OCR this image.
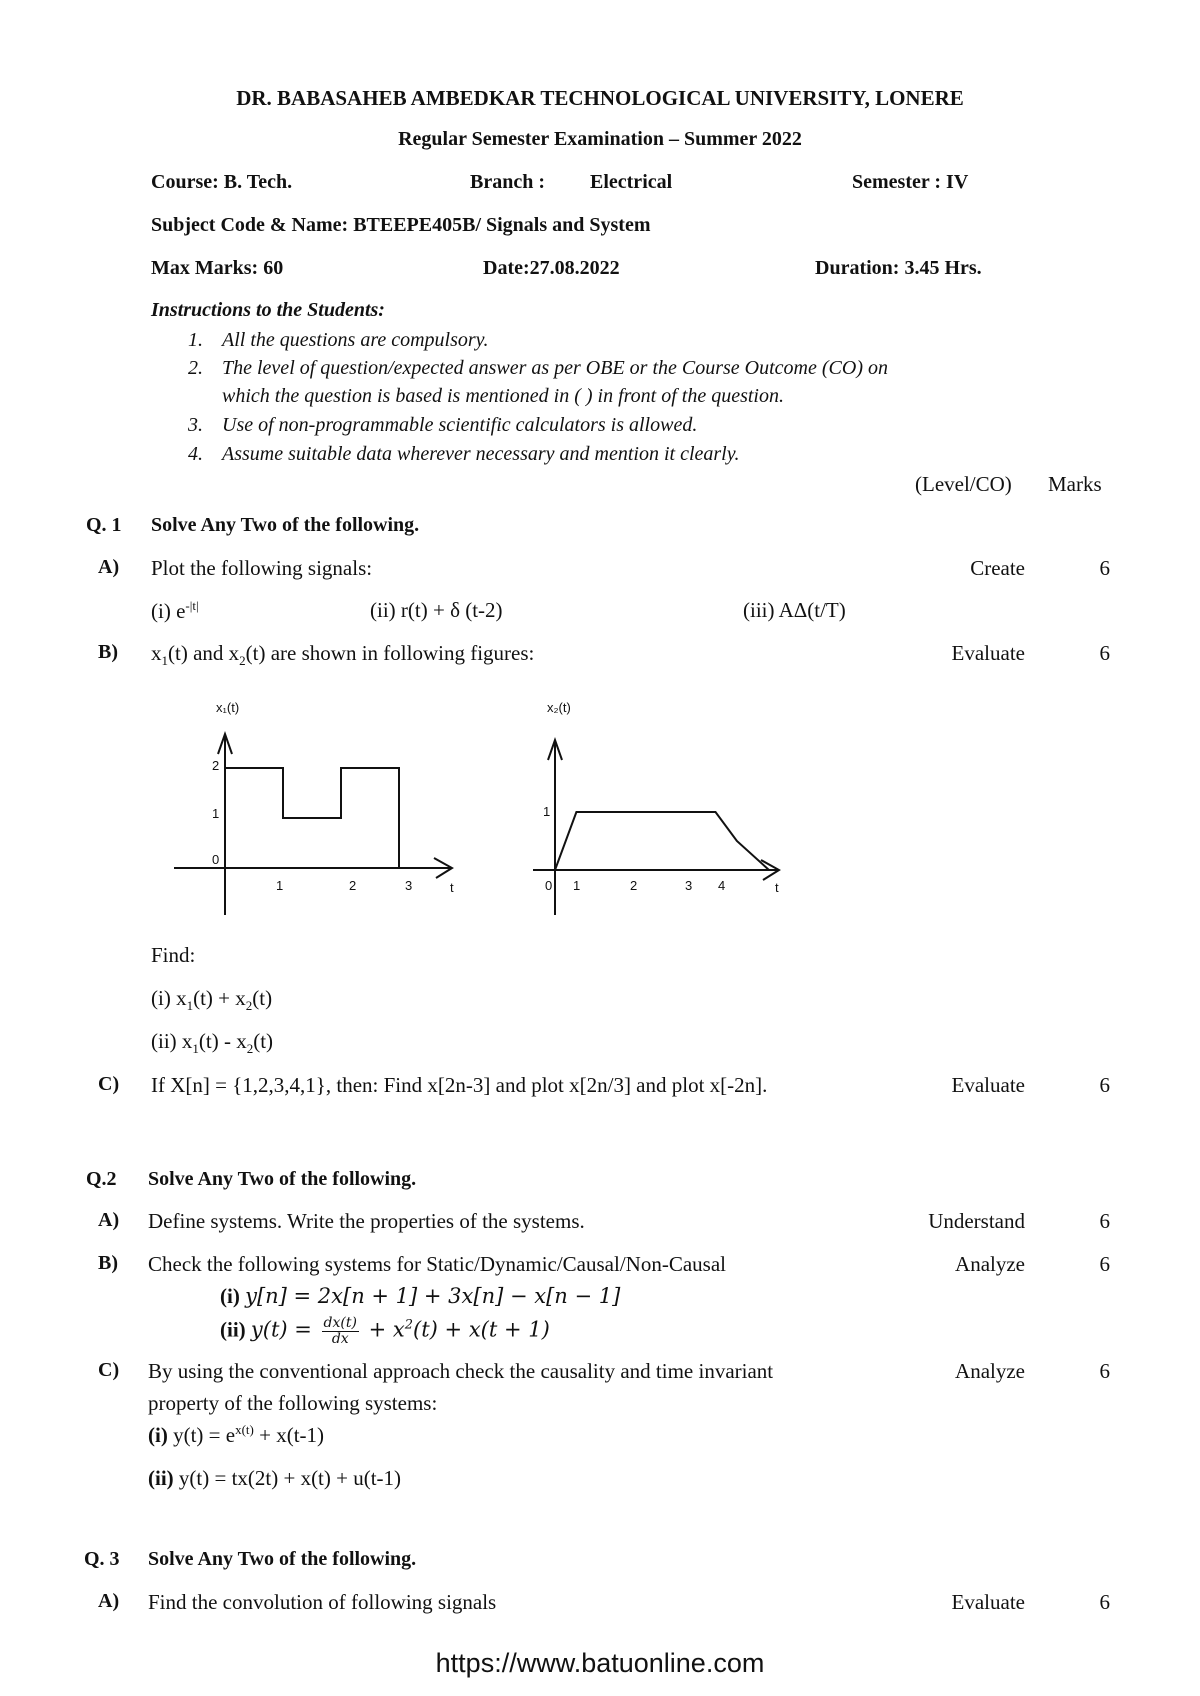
DR. BABASAHEB AMBEDKAR TECHNOLOGICAL UNIVERSITY, LONERE
Regular Semester Examination – Summer 2022
Course: B. Tech.	Branch : Electrical	Semester : IV
Subject Code & Name: BTEEPE405B/ Signals and System
Max Marks: 60	Date:27.08.2022	Duration: 3.45 Hrs.
Instructions to the Students:
1. All the questions are compulsory.
2. The level of question/expected answer as per OBE or the Course Outcome (CO) on
which the question is based is mentioned in ( ) in front of the question.
3. Use of non-programmable scientific calculators is allowed.
4. Assume suitable data wherever necessary and mention it clearly.
(Level/CO) Marks
Q. 1 Solve Any Two of the following.
A) Plot the following signals:	Create	6
(i) $e^{-|t|}$	(ii) r(t) + δ (t-2)	(iii) AΔ(t/T)
B) $x_1(t)$ and $x_2(t)$ are shown in following figures:	Evaluate	6
x₁(t)
t
2
1
0
1	2	3
x₂(t)
t
1
0 1	2	3 4
Find:
(i) $x_1(t) + x_2(t)$
(ii) $x_1(t) - x_2(t)$
C) If X[n] = {1,2,3,4,1}, then: Find x[2n-3] and plot x[2n/3] and plot x[-2n].	Evaluate	6
Q.2 Solve Any Two of the following.
A) Define systems. Write the properties of the systems.	Understand	6
B) Check the following systems for Static/Dynamic/Causal/Non-Causal	Analyze	6
(i) y[n] = 2x[n + 1] + 3x[n] − x[n − 1]
(ii) $y(t) = \frac{dx(t)}{dx} + x^2(t) + x(t + 1)$
C) By using the conventional approach check the causality and time invariant
property of the following systems:
Analyze	6
(i) $y(t) = e^{x(t)} + x(t-1)$
(ii) y(t) = tx(2t) + x(t) + u(t-1)
Q. 3 Solve Any Two of the following.
A) Find the convolution of following signals	Evaluate	6
https://www.batuonline.com
